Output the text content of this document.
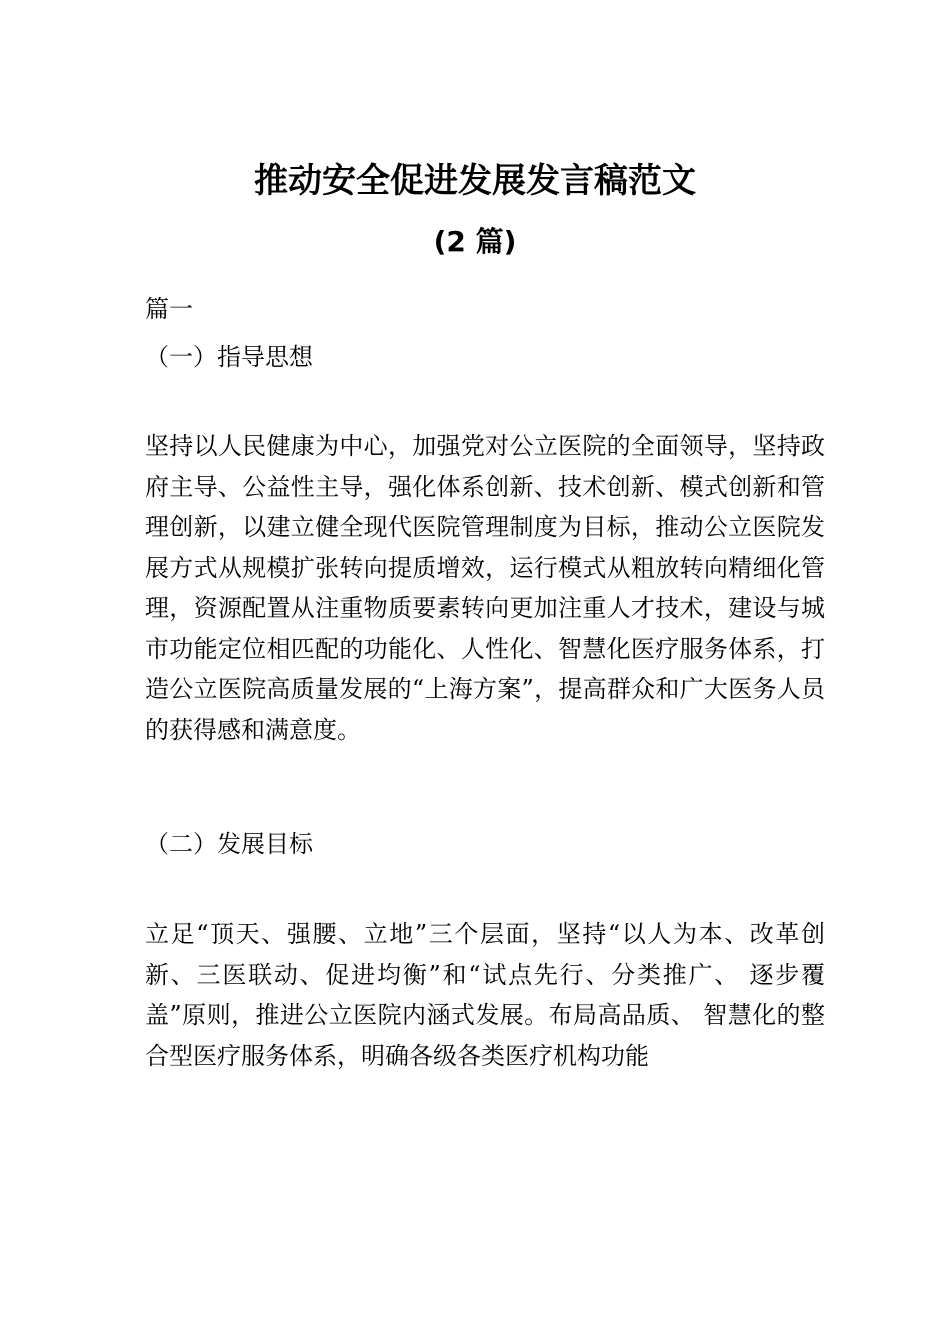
推动安全促进发展发言稿范文
(2 篇)

篇一

（一）指导思想

坚持以人民健康为中心，加强党对公立医院的全面领导，坚持政府主导、公益性主导，强化体系创新、技术创新、模式创新和管理创新，以建立健全现代医院管理制度为目标，推动公立医院发展方式从规模扩张转向提质增效，运行模式从粗放转向精细化管理，资源配置从注重物质要素转向更加注重人才技术，建设与城市功能定位相匹配的功能化、人性化、智慧化医疗服务体系，打造公立医院高质量发展的“上海方案”，提高群众和广大医务人员的获得感和满意度。

（二）发展目标

立足“顶天、强腰、立地”三个层面，坚持“以人为本、改革创新、三医联动、促进均衡”和“试点先行、分类推广、 逐步覆盖”原则，推进公立医院内涵式发展。布局高品质、 智慧化的整合型医疗服务体系，明确各级各类医疗机构功能
